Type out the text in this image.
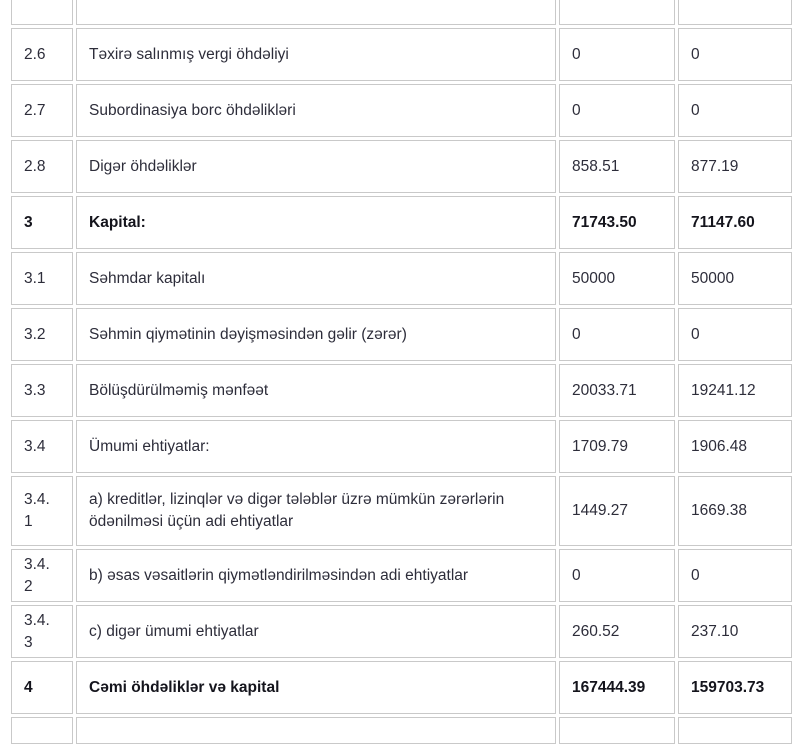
2.6	Təxirə salınmış vergi öhdəliyi	0	0
2.7	Subordinasiya borc öhdəlikləri	0	0
2.8	Digər öhdəliklər	858.51	877.19
3	Kapital:	71743.50	71147.60
3.1	Səhmdar kapitalı	50000	50000
3.2	Səhmin qiymətinin dəyişməsindən gəlir (zərər)	0	0
3.3	Bölüşdürülməmiş mənfəət	20033.71	19241.12
3.4	Ümumi ehtiyatlar:	1709.79	1906.48
3.4.1	a) kreditlər, lizinqlər və digər tələblər üzrə mümkün zərərlərin ödənilməsi üçün adi ehtiyatlar	1449.27	1669.38
3.4.2	b) əsas vəsaitlərin qiymətləndirilməsindən adi ehtiyatlar	0	0
3.4.3	c) digər ümumi ehtiyatlar	260.52	237.10
4	Cəmi öhdəliklər və kapital	167444.39	159703.73
